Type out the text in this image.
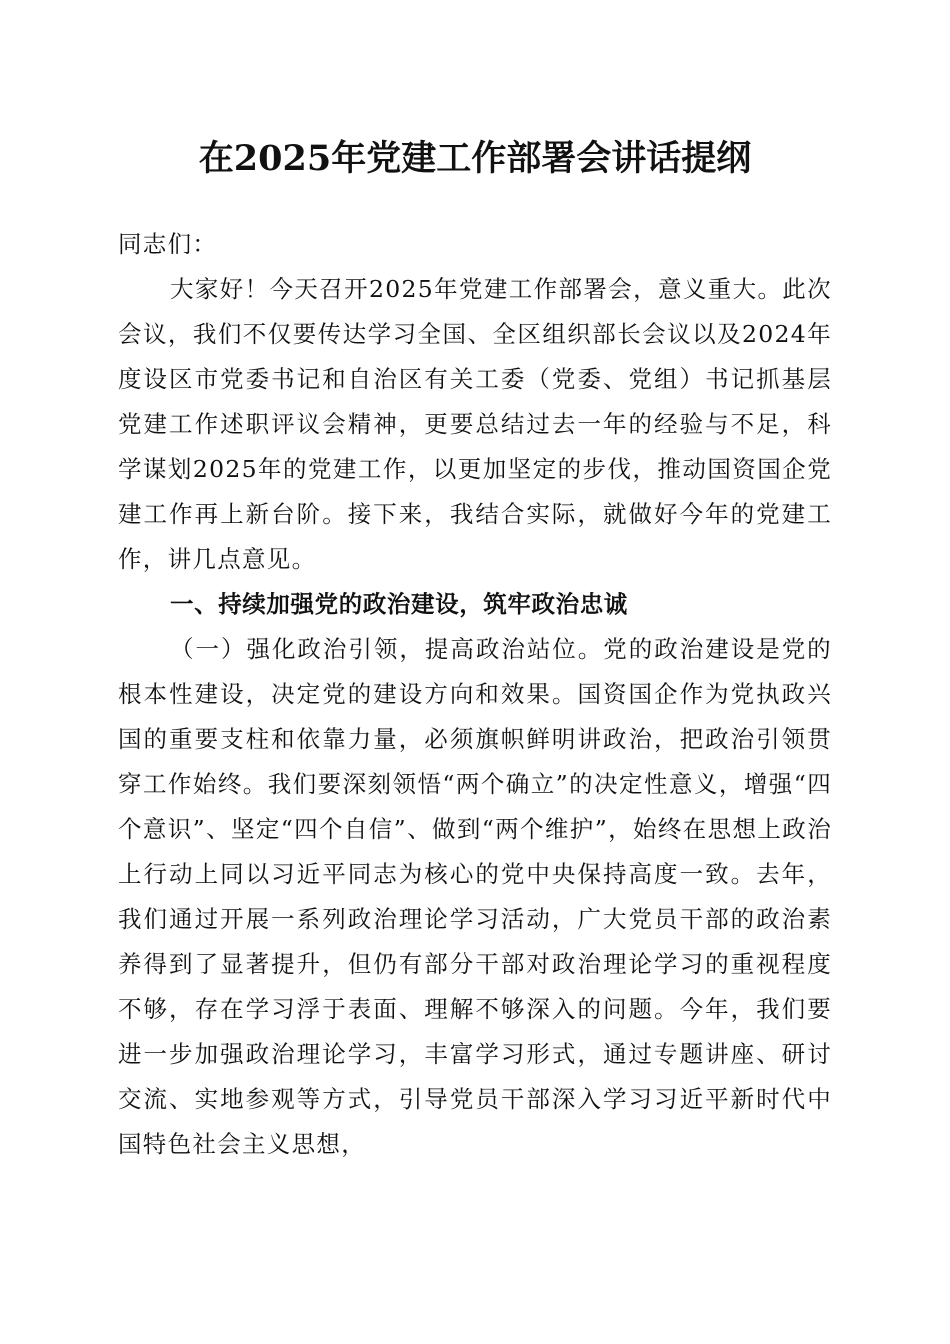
在2025年党建工作部署会讲话提纲

同志们：

大家好！今天召开2025年党建工作部署会，意义重大。此次会议，我们不仅要传达学习全国、全区组织部长会议以及2024年度设区市党委书记和自治区有关工委（党委、党组）书记抓基层党建工作述职评议会精神，更要总结过去一年的经验与不足，科学谋划2025年的党建工作，以更加坚定的步伐，推动国资国企党建工作再上新台阶。接下来，我结合实际，就做好今年的党建工作，讲几点意见。

一、持续加强党的政治建设，筑牢政治忠诚

（一）强化政治引领，提高政治站位。党的政治建设是党的根本性建设，决定党的建设方向和效果。国资国企作为党执政兴国的重要支柱和依靠力量，必须旗帜鲜明讲政治，把政治引领贯穿工作始终。我们要深刻领悟“两个确立”的决定性意义，增强“四个意识”、坚定“四个自信”、做到“两个维护”，始终在思想上政治上行动上同以习近平同志为核心的党中央保持高度一致。去年，我们通过开展一系列政治理论学习活动，广大党员干部的政治素养得到了显著提升，但仍有部分干部对政治理论学习的重视程度不够，存在学习浮于表面、理解不够深入的问题。今年，我们要进一步加强政治理论学习，丰富学习形式，通过专题讲座、研讨交流、实地参观等方式，引导党员干部深入学习习近平新时代中国特色社会主义思想，
